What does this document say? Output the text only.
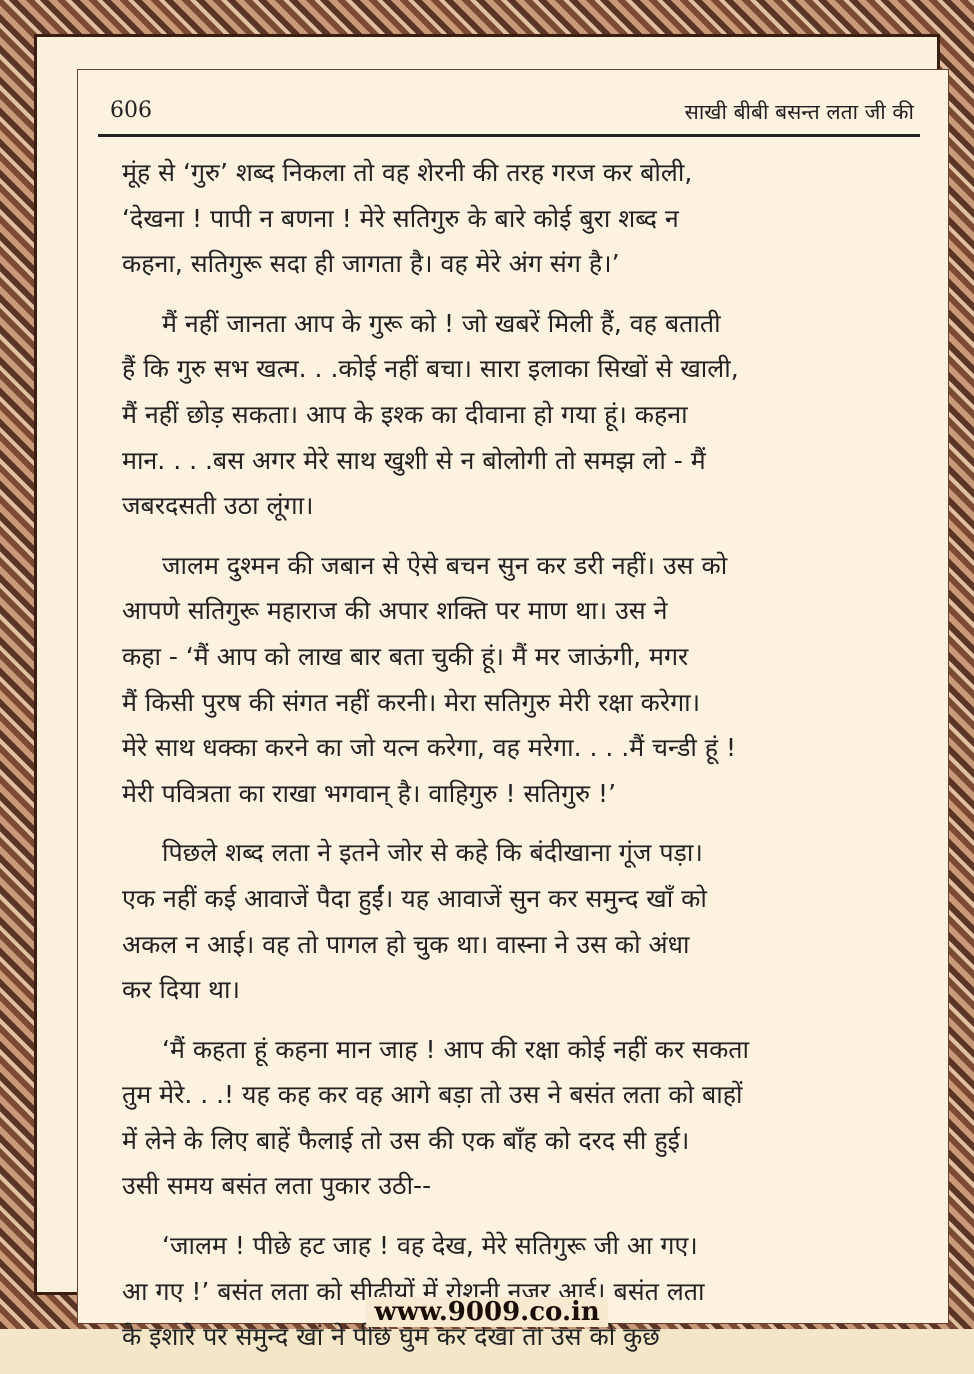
606	साखी बीबी बसन्त लता जी की
मूंह से ‘गुरु’ शब्द निकला तो वह शेरनी की तरह गरज कर बोली,
‘देखना ! पापी न बणना ! मेरे सतिगुरु के बारे कोई बुरा शब्द न
कहना, सतिगुरू सदा ही जागता है। वह मेरे अंग संग है।’
मैं नहीं जानता आप के गुरू को ! जो खबरें मिली हैं, वह बताती
हैं कि गुरु सभ खत्म. . .कोई नहीं बचा। सारा इलाका सिखों से खाली,
मैं नहीं छोड़ सकता। आप के इश्क का दीवाना हो गया हूं। कहना
मान. . . .बस अगर मेरे साथ खुशी से न बोलोगी तो समझ लो - मैं
जबरदसती उठा लूंगा।
जालम दुश्मन की जबान से ऐसे बचन सुन कर डरी नहीं। उस को
आपणे सतिगुरू महाराज की अपार शक्ति पर माण था। उस ने
कहा - ‘मैं आप को लाख बार बता चुकी हूं। मैं मर जाऊंगी, मगर
मैं किसी पुरष की संगत नहीं करनी। मेरा सतिगुरु मेरी रक्षा करेगा।
मेरे साथ धक्का करने का जो यत्न करेगा, वह मरेगा. . . .मैं चन्डी हूं !
मेरी पवित्रता का राखा भगवान् है। वाहिगुरु ! सतिगुरु !’
पिछले शब्द लता ने इतने जोर से कहे कि बंदीखाना गूंज पड़ा।
एक नहीं कई आवाजें पैदा हुईं। यह आवाजें सुन कर समुन्द खाँ को
अकल न आई। वह तो पागल हो चुक था। वास्ना ने उस को अंधा
कर दिया था।
‘मैं कहता हूं कहना मान जाह ! आप की रक्षा कोई नहीं कर सकता
तुम मेरे. . .! यह कह कर वह आगे बड़ा तो उस ने बसंत लता को बाहों
में लेने के लिए बाहें फैलाई तो उस की एक बाँह को दरद सी हुई।
उसी समय बसंत लता पुकार उठी--
‘जालम ! पीछे हट जाह ! वह देख, मेरे सतिगुरू जी आ गए।
आ गए !’ बसंत लता को सीढ़ीयों में रोशनी नजर आई। बसंत लता
के इशारे पर समुन्द खां ने पीछे घुम कर देखा तो उस को कुछ
www.9009.co.in
